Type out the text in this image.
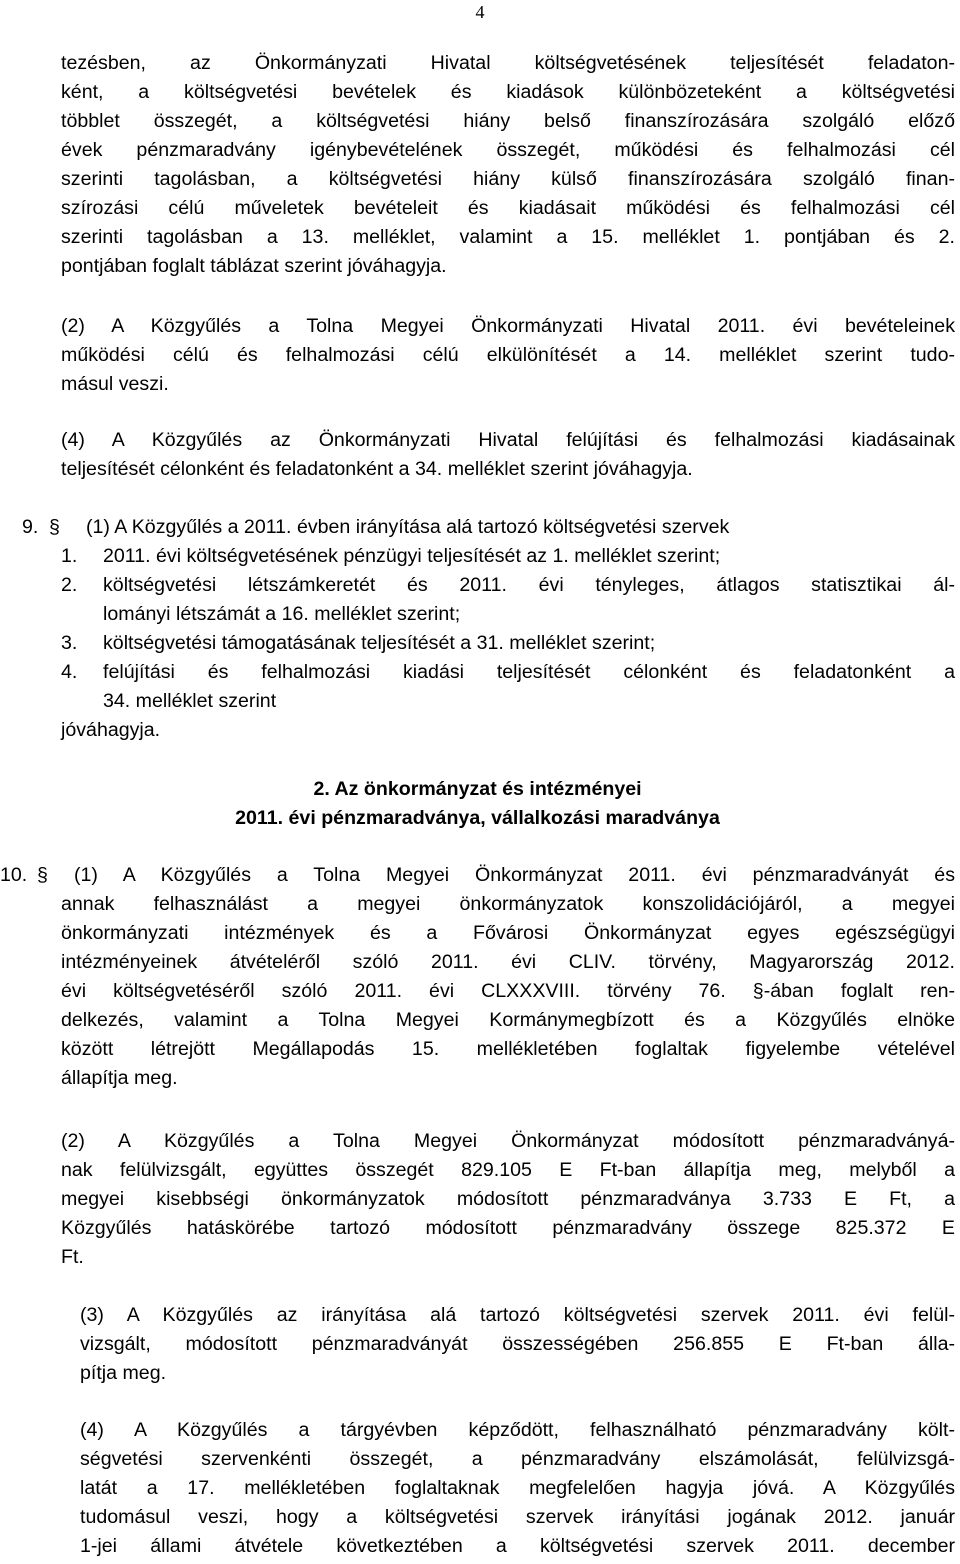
4
tezésben, az Önkormányzati Hivatal költségvetésének teljesítését feladaton-
ként, a költségvetési bevételek és kiadások különbözeteként a költségvetési
többlet összegét, a költségvetési hiány belső finanszírozására szolgáló előző
évek pénzmaradvány igénybevételének összegét, működési és felhalmozási cél
szerinti tagolásban, a költségvetési hiány külső finanszírozására szolgáló finan-
szírozási célú műveletek bevételeit és kiadásait működési és felhalmozási cél
szerinti tagolásban a 13. melléklet, valamint a 15. melléklet 1. pontjában és 2.
pontjában foglalt táblázat szerint jóváhagyja.
(2) A Közgyűlés a Tolna Megyei Önkormányzati Hivatal 2011. évi bevételeinek
működési célú és felhalmozási célú elkülönítését a 14. melléklet szerint tudo-
másul veszi.
(4) A Közgyűlés az Önkormányzati Hivatal felújítási és felhalmozási kiadásainak
teljesítését célonként és feladatonként a 34. melléklet szerint jóváhagyja.
9. § (1) A Közgyűlés a 2011. évben irányítása alá tartozó költségvetési szervek
1. 2011. évi költségvetésének pénzügyi teljesítését az 1. melléklet szerint;
2.	költségvetési létszámkeretét és 2011. évi tényleges, átlagos statisztikai ál-
lományi létszámát a 16. melléklet szerint;
3. költségvetési támogatásának teljesítését a 31. melléklet szerint;
4.	felújítási és felhalmozási kiadási teljesítését célonként és feladatonként a
34. melléklet szerint
jóváhagyja.
2. Az önkormányzat és intézményei
2011. évi pénzmaradványa, vállalkozási maradványa
10. §	(1) A Közgyűlés a Tolna Megyei Önkormányzat 2011. évi pénzmaradványát és
annak felhasználást a megyei önkormányzatok konszolidációjáról, a megyei
önkormányzati intézmények és a Fővárosi Önkormányzat egyes egészségügyi
intézményeinek átvételéről szóló 2011. évi CLIV. törvény, Magyarország 2012.
évi költségvetéséről szóló 2011. évi CLXXXVIII. törvény 76. §-ában foglalt ren-
delkezés, valamint a Tolna Megyei Kormánymegbízott és a Közgyűlés elnöke
között létrejött Megállapodás 15. mellékletében foglaltak figyelembe vételével
állapítja meg.
(2) A Közgyűlés a Tolna Megyei Önkormányzat módosított pénzmaradványá-
nak felülvizsgált, együttes összegét 829.105 E Ft-ban állapítja meg, melyből a
megyei kisebbségi önkormányzatok módosított pénzmaradványa 3.733 E Ft, a
Közgyűlés hatáskörébe tartozó módosított pénzmaradvány összege 825.372 E
Ft.
(3) A Közgyűlés az irányítása alá tartozó költségvetési szervek 2011. évi felül-
vizsgált, módosított pénzmaradványát összességében 256.855 E Ft-ban álla-
pítja meg.
(4) A Közgyűlés a tárgyévben képződött, felhasználható pénzmaradvány költ-
ségvetési szervenkénti összegét, a pénzmaradvány elszámolását, felülvizsgá-
latát a 17. mellékletében foglaltaknak megfelelően hagyja jóvá. A Közgyűlés
tudomásul veszi, hogy a költségvetési szervek irányítási jogának 2012. január
1-jei állami átvétele következtében a költségvetési szervek 2011. december
